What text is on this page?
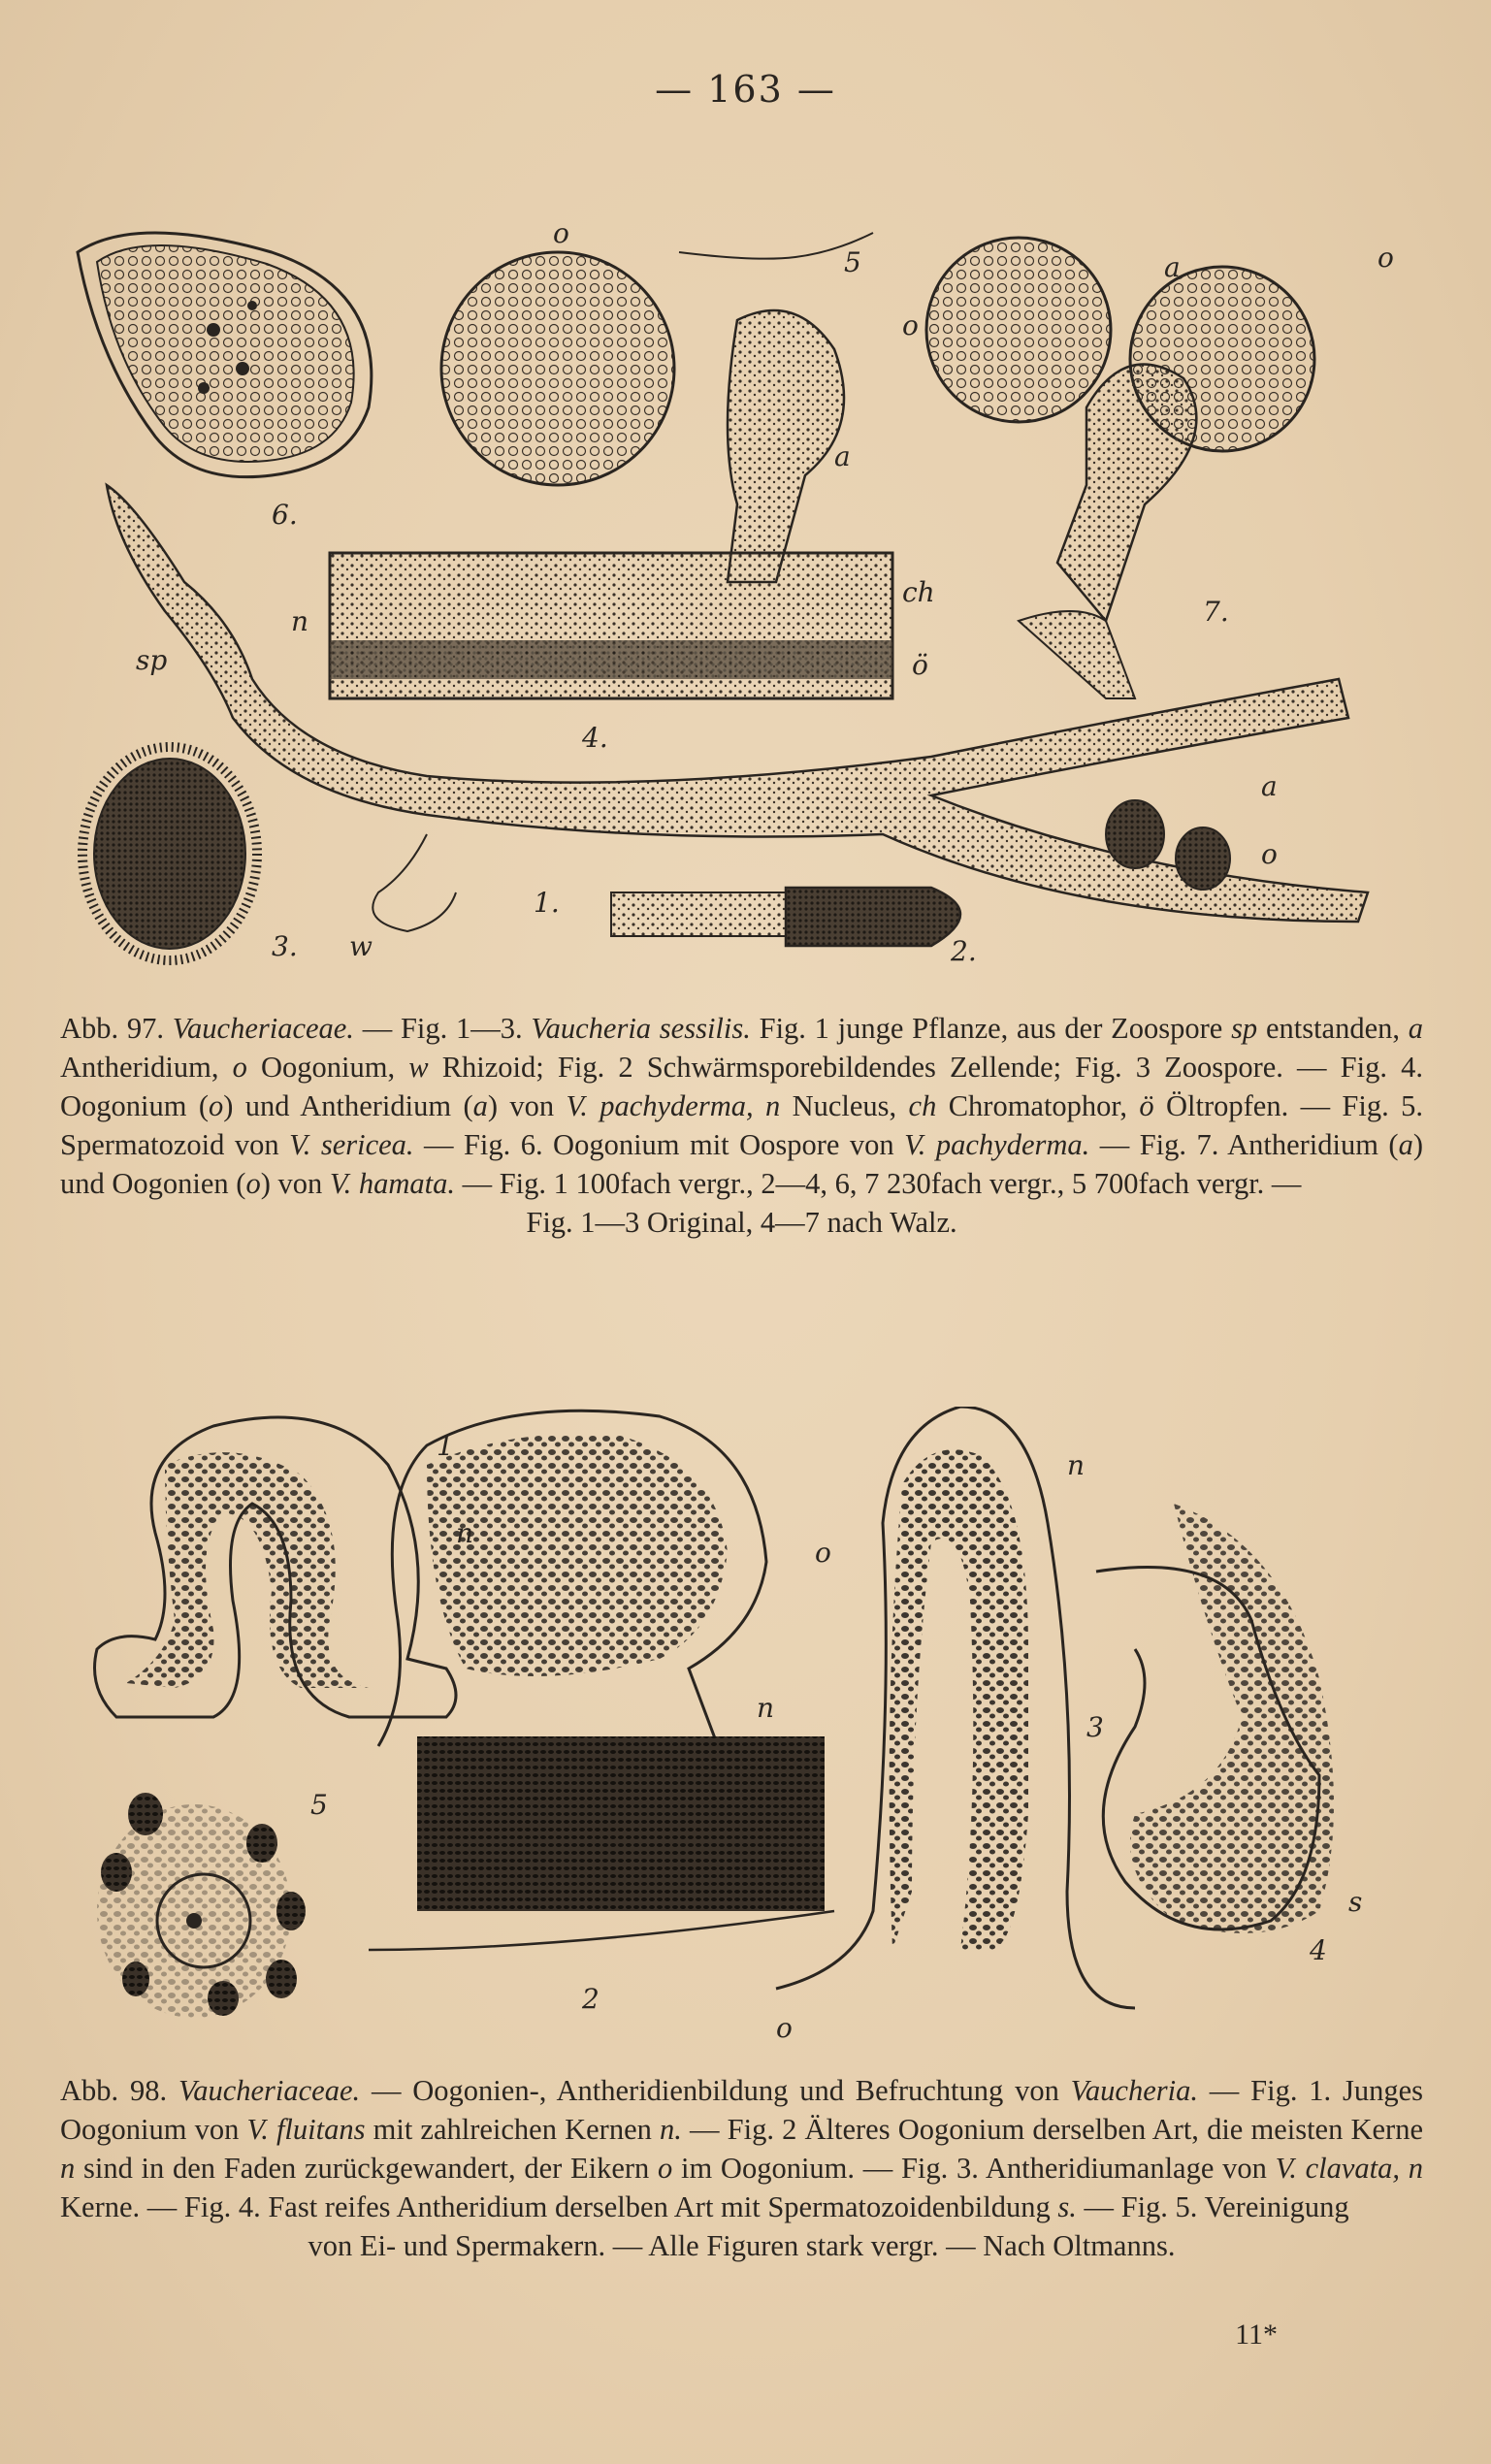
— 163 —
6.
o
5
o
a	o
a
ch
n
ö
4.
7.
sp
a
o
1.
w
3.	2.

Abb. 97. Vaucheriaceae. — Fig. 1—3. Vaucheria sessilis. Fig. 1 junge Pflanze, aus der Zoospore sp entstanden, a Antheridium, o Oogonium, w Rhizoid; Fig. 2 Schwärmsporebildendes Zellende; Fig. 3 Zoospore. — Fig. 4. Oogonium (o) und Antheridium (a) von V. pachyderma, n Nucleus, ch Chromatophor, ö Öltropfen. — Fig. 5. Spermatozoid von V. sericea. — Fig. 6. Oogonium mit Oospore von V. pachyderma. — Fig. 7. Antheridium (a) und Oogonien (o) von V. hamata. — Fig. 1 100fach vergr., 2—4, 6, 7 230fach vergr., 5 700fach vergr. —

Fig. 1—3 Original, 4—7 nach Walz.

1
n
o
n
2
n
3
s
4
5
o

Abb. 98. Vaucheriaceae. — Oogonien-, Antheridienbildung und Befruchtung von Vaucheria. — Fig. 1. Junges Oogonium von V. fluitans mit zahlreichen Kernen n. — Fig. 2 Älteres Oogonium derselben Art, die meisten Kerne n sind in den Faden zurückgewandert, der Eikern o im Oogonium. — Fig. 3. Antheridiumanlage von V. clavata, n Kerne. — Fig. 4. Fast reifes Antheridium derselben Art mit Spermatozoidenbildung s. — Fig. 5. Vereinigung

von Ei- und Spermakern. — Alle Figuren stark vergr. — Nach Oltmanns.

11*
